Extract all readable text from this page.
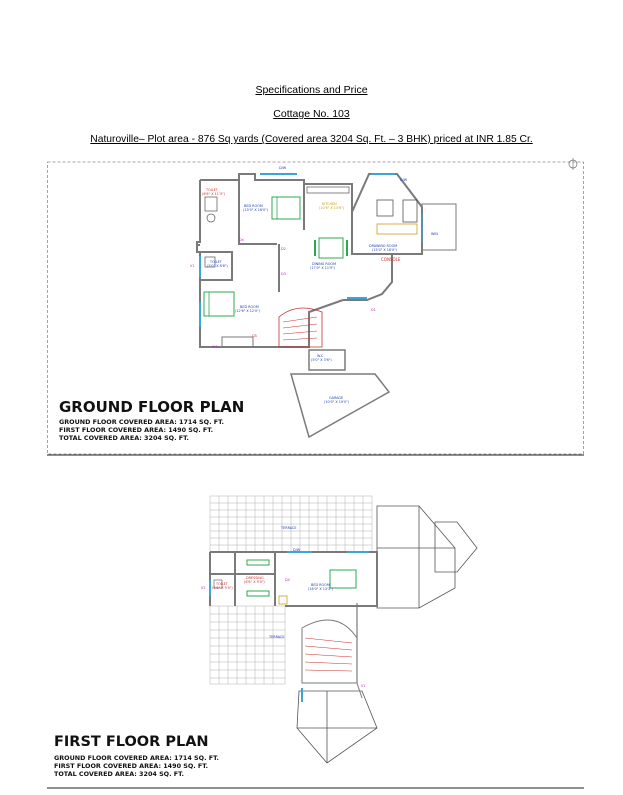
Specifications and Price
Cottage No. 103
Naturoville– Plot area - 876 Sq yards (Covered area 3204 Sq. Ft. – 3 BHK) priced at INR 1.85 Cr.
TOILET
(6'6" X 11'3")
BED ROOM
(13'0" X 16'0")
KITCHEN
(10'6" X 13'6")
DINING ROOM
(17'0" X 11'9")
DRAWING ROOM
(15'0" X 18'0")
TOILET
(5'0" X 8'6")
BED ROOM
(12'6" X 12'0")
W.C
(5'0" X 3'6")
GARAGE
(10'0" X 19'0")
CONSOLE
D/W
D/W
WIN
D1
D2
D3
D4
V1
W4
CB
GROUND FLOOR PLAN
GROUND FLOOR COVERED AREA: 1714 SQ. FT.
FIRST FLOOR COVERED AREA: 1490 SQ. FT.
TOTAL COVERED AREA: 3204 SQ. FT.
TERRACE
TERRACE
DRESSING
(6'6" X 9'0")
TOILET
(5'6" X 9'0")
BED ROOM
(16'0" X 13'3")
D/W
D4
V2
V1
FIRST FLOOR PLAN
GROUND FLOOR COVERED AREA: 1714 SQ. FT.
FIRST FLOOR COVERED AREA: 1490 SQ. FT.
TOTAL COVERED AREA: 3204 SQ. FT.
